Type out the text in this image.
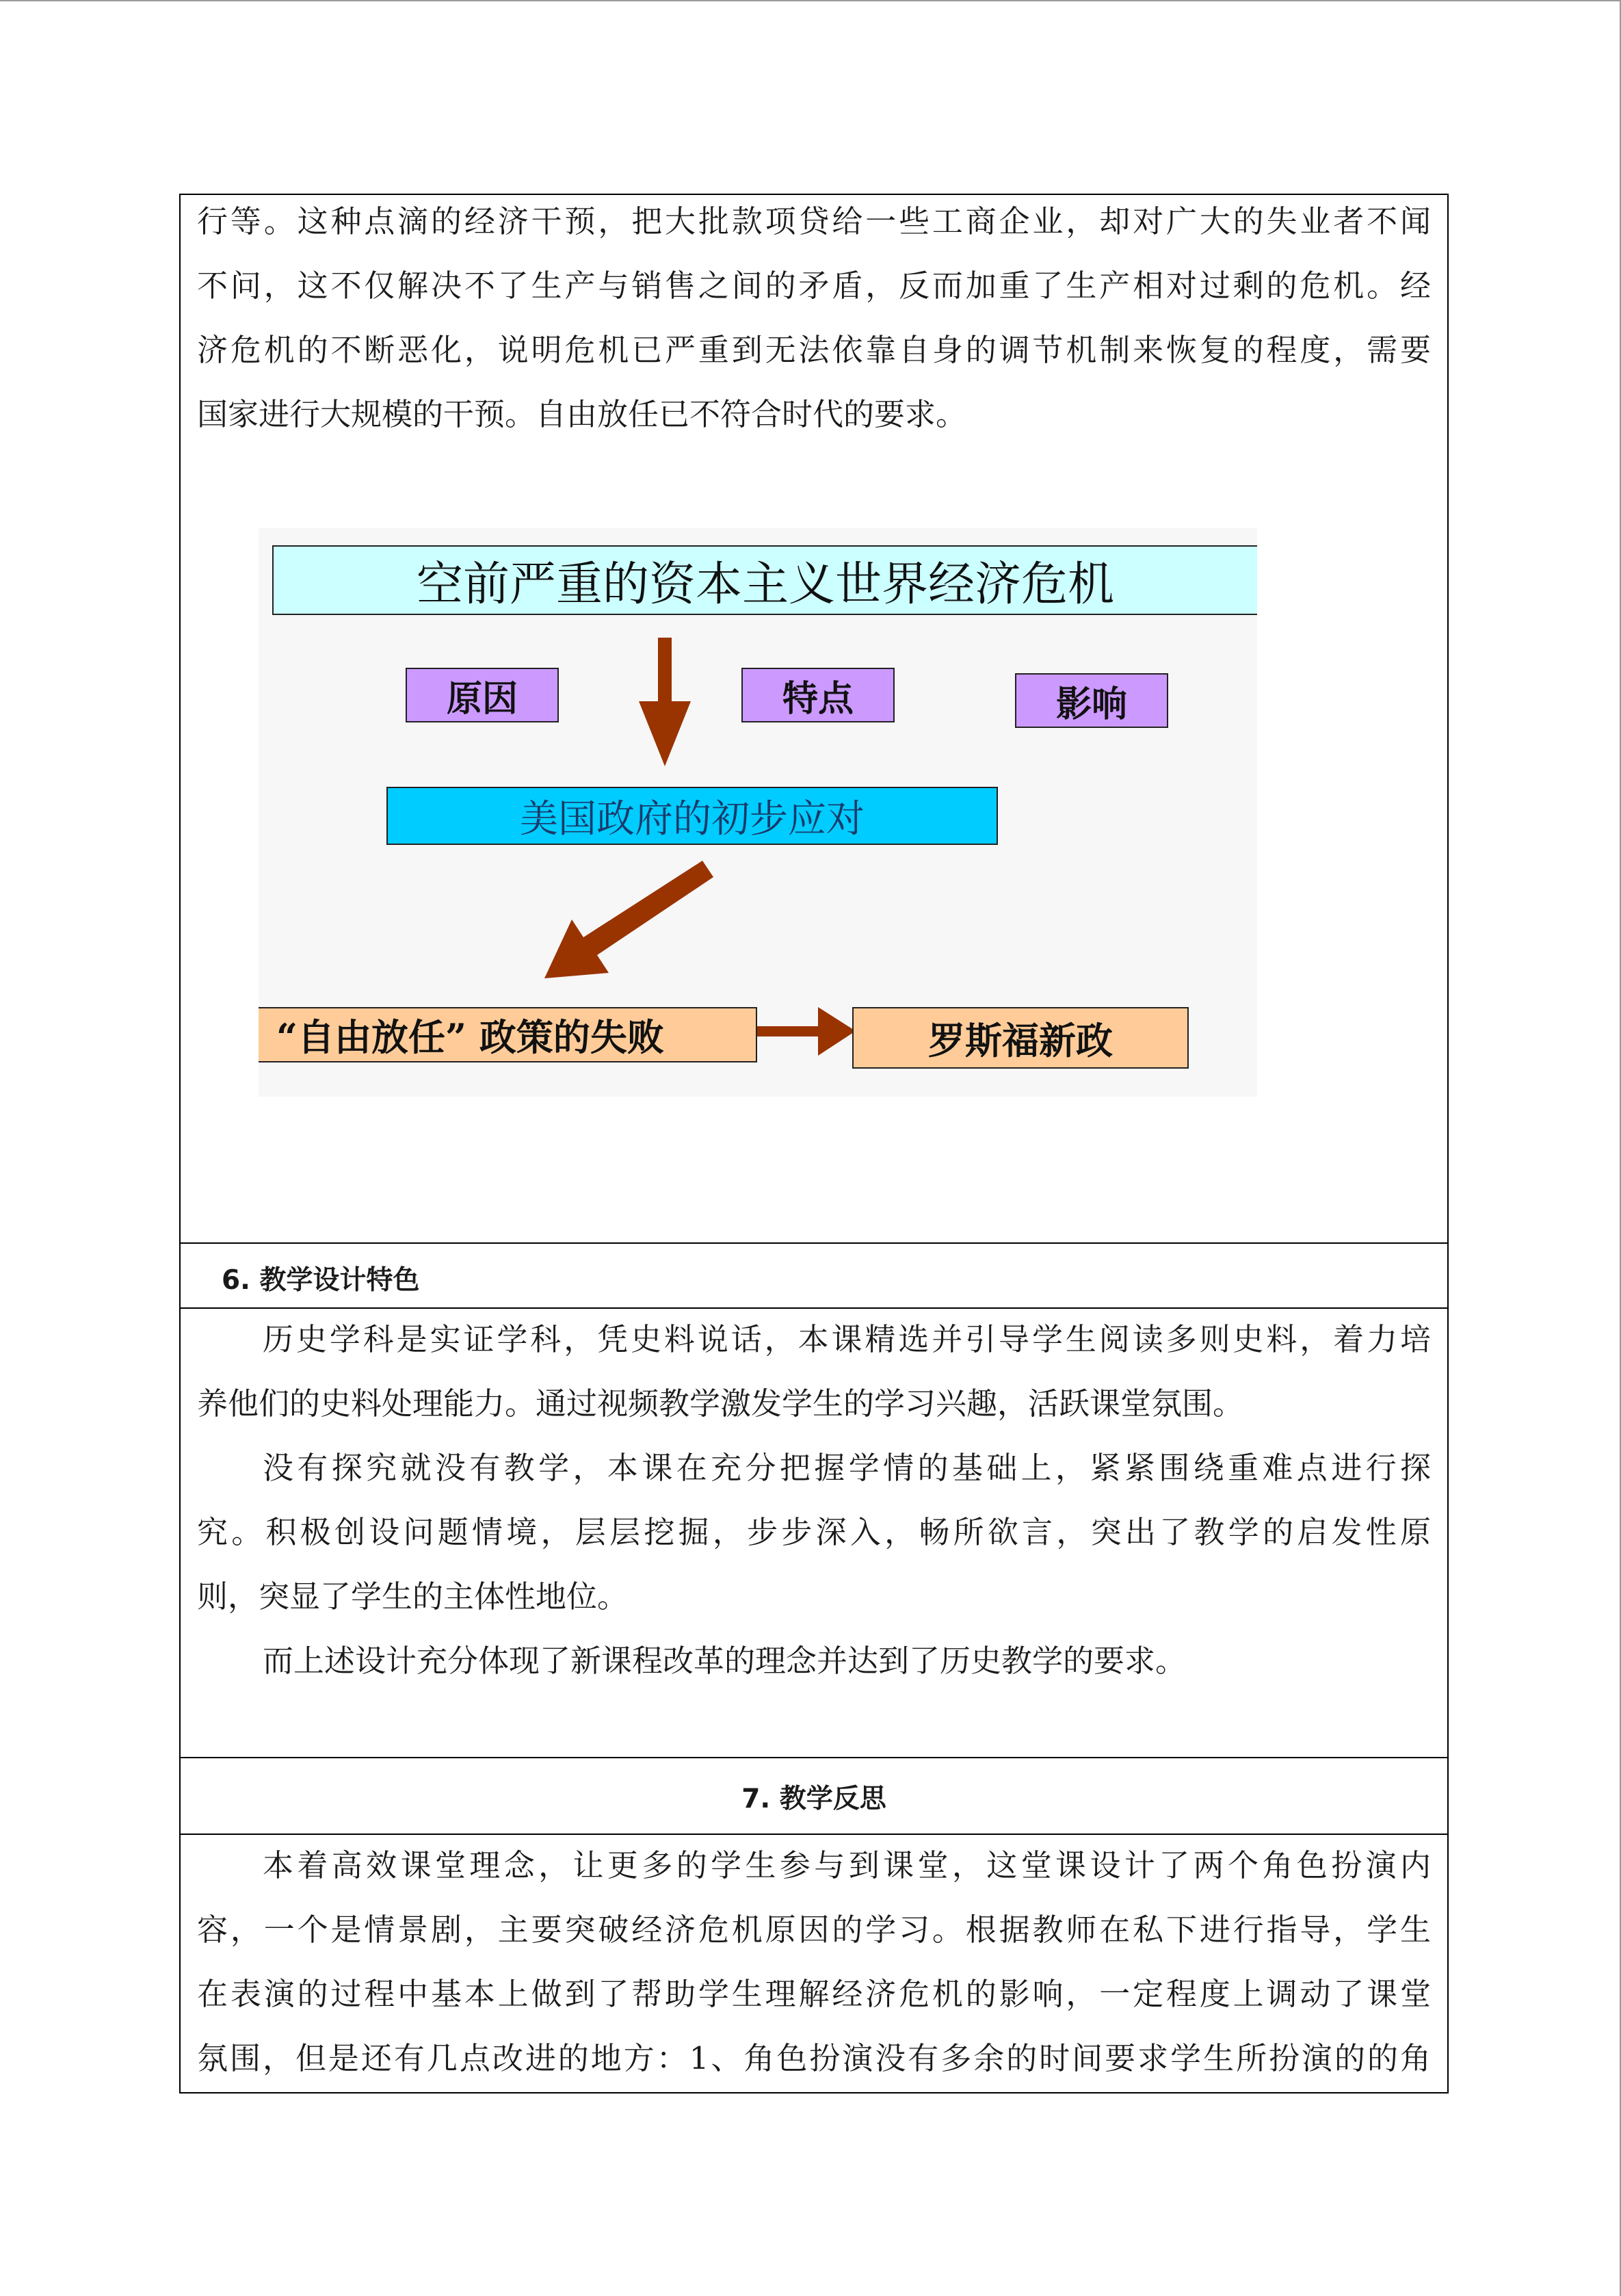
行等。这种点滴的经济干预，把大批款项贷给一些工商企业，却对广大的失业者不闻

不问，这不仅解决不了生产与销售之间的矛盾，反而加重了生产相对过剩的危机。经

济危机的不断恶化，说明危机已严重到无法依靠自身的调节机制来恢复的程度，需要

国家进行大规模的干预。自由放任已不符合时代的要求。

空前严重的资本主义世界经济危机
原因	特点	影响
美国政府的初步应对
“自由放任” 政策的失败	罗斯福新政
6. 教学设计特色

历史学科是实证学科，凭史料说话，本课精选并引导学生阅读多则史料，着力培

养他们的史料处理能力。通过视频教学激发学生的学习兴趣，活跃课堂氛围。

没有探究就没有教学，本课在充分把握学情的基础上，紧紧围绕重难点进行探

究。积极创设问题情境，层层挖掘，步步深入，畅所欲言，突出了教学的启发性原

则，突显了学生的主体性地位。

而上述设计充分体现了新课程改革的理念并达到了历史教学的要求。

7. 教学反思

本着高效课堂理念，让更多的学生参与到课堂，这堂课设计了两个角色扮演内

容，一个是情景剧，主要突破经济危机原因的学习。根据教师在私下进行指导，学生

在表演的过程中基本上做到了帮助学生理解经济危机的影响，一定程度上调动了课堂

氛围，但是还有几点改进的地方：1、角色扮演没有多余的时间要求学生所扮演的的角
